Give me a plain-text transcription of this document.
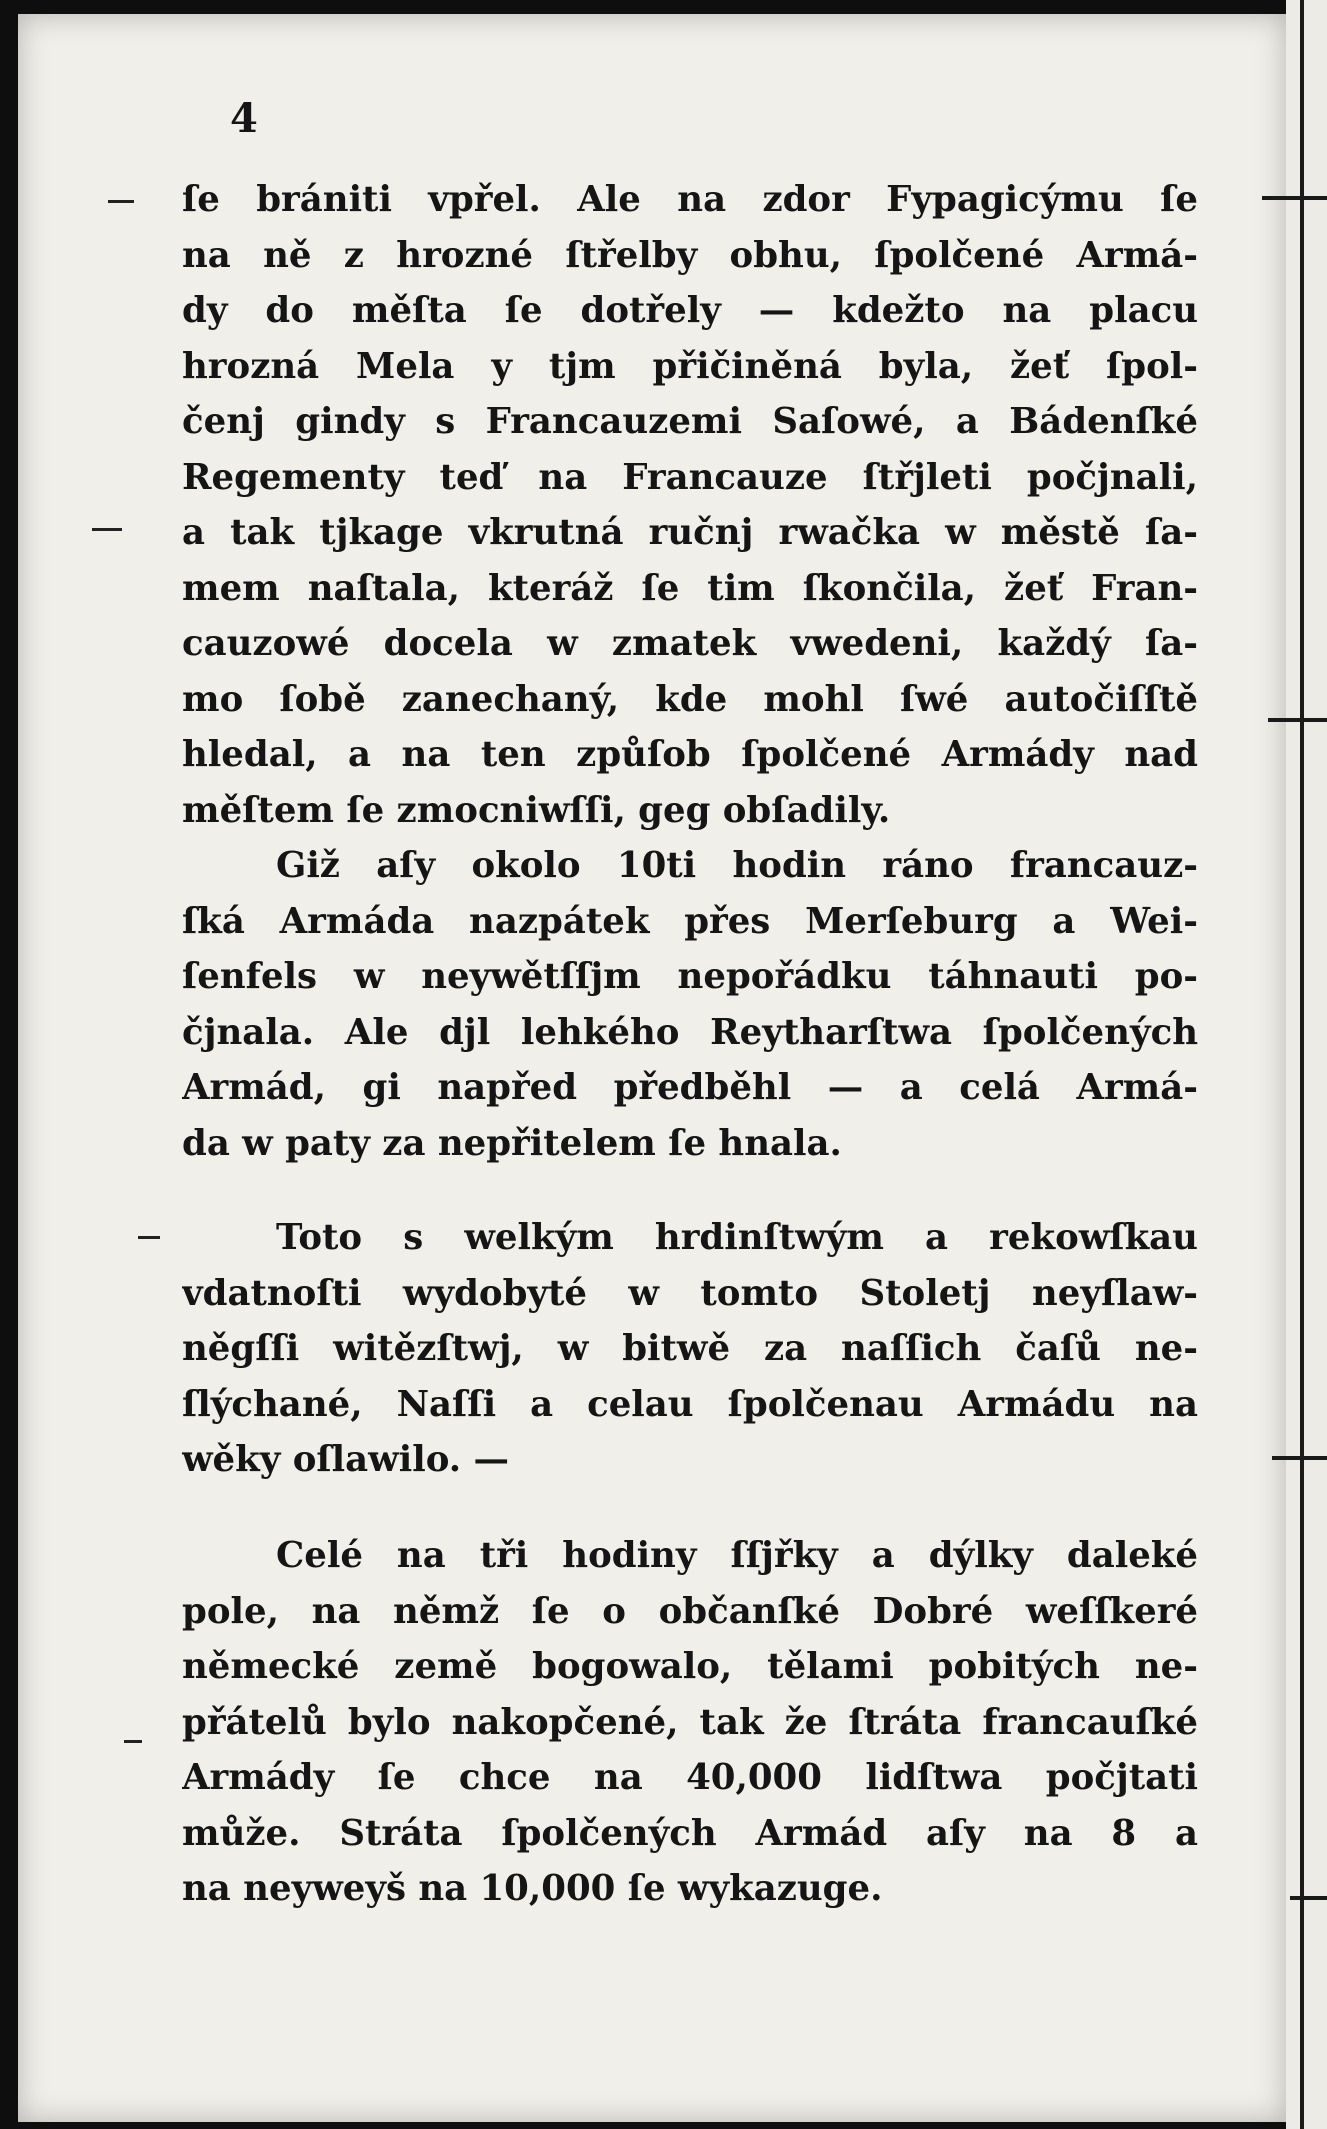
4
ſe brániti vpřel. Ale na zdor Fypagicýmu ſe
na ně z hrozné ſtřelby obhu, ſpolčené Armá-
dy do měſta ſe dotřely — kdežto na placu
hrozná Mela y tjm přičiněná byla, žeť ſpol-
čenj gindy s Francauzemi Saſowé, a Bádenſké
Regementy teď na Francauze ſtřjleti počjnali,
a tak tjkage vkrutná ručnj rwačka w městě ſa-
mem naſtala, kteráž ſe tim ſkončila, žeť Fran-
cauzowé docela w zmatek vwedeni, každý ſa-
mo ſobě zanechaný, kde mohl ſwé autočiſſtě
hledal, a na ten způſob ſpolčené Armády nad
měſtem ſe zmocniwſſi, geg obſadily.
Giž aſy okolo 10ti hodin ráno francauz-
ſká Armáda nazpátek přes Merſeburg a Wei-
ſenfels w neywětſſjm nepořádku táhnauti po-
čjnala. Ale djl lehkého Reytharſtwa ſpolčených
Armád, gi napřed předběhl — a celá Armá-
da w paty za nepřitelem ſe hnala.
Toto s welkým hrdinſtwým a rekowſkau
vdatnoſti wydobyté w tomto Stoletj neyſlaw-
něgſſi witězſtwj, w bitwě za naſſich čaſů ne-
ſlýchané, Naſſi a celau ſpolčenau Armádu na
wěky oſlawilo. —
Celé na tři hodiny ſſjřky a dýlky daleké
pole, na němž ſe o občanſké Dobré weſſkeré
německé země bogowalo, tělami pobitých ne-
přátelů bylo nakopčené, tak že ſtráta francauſké
Armády ſe chce na 40,000 lidſtwa počjtati
může. Stráta ſpolčených Armád aſy na 8 a
na neyweyš na 10,000 ſe wykazuge.
